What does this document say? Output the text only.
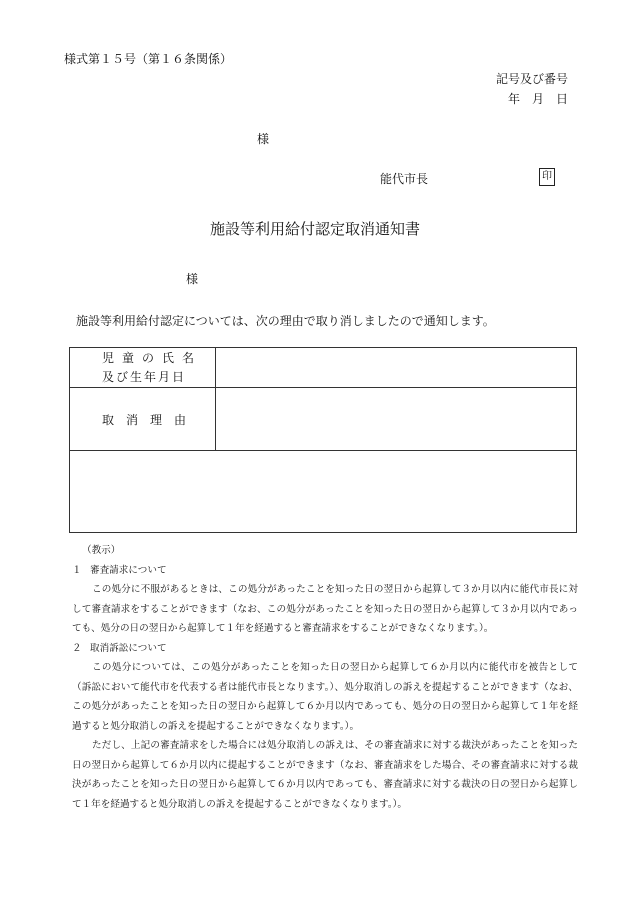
様式第１５号（第１６条関係）
記号及び番号
年　月　日
様
能代市長	印
施設等利用給付認定取消通知書
様
施設等利用給付認定については、次の理由で取り消しましたので通知します。
児童の氏名
及び生年月日	

取消理由	

（教示）
１ 審査請求について
この処分に不服があるときは、この処分があったことを知った日の翌日から起算して３か月以内に能代市長に対して審査請求をすることができます（なお、この処分があったことを知った日の翌日から起算して３か月以内であっても、処分の日の翌日から起算して１年を経過すると審査請求をすることができなくなります。）。
２ 取消訴訟について
この処分については、この処分があったことを知った日の翌日から起算して６か月以内に能代市を被告として（訴訟において能代市を代表する者は能代市長となります。）、処分取消しの訴えを提起することができます（なお、この処分があったことを知った日の翌日から起算して６か月以内であっても、処分の日の翌日から起算して１年を経過すると処分取消しの訴えを提起することができなくなります。）。
ただし、上記の審査請求をした場合には処分取消しの訴えは、その審査請求に対する裁決があったことを知った日の翌日から起算して６か月以内に提起することができます（なお、審査請求をした場合、その審査請求に対する裁決があったことを知った日の翌日から起算して６か月以内であっても、審査請求に対する裁決の日の翌日から起算して１年を経過すると処分取消しの訴えを提起することができなくなります。）。
